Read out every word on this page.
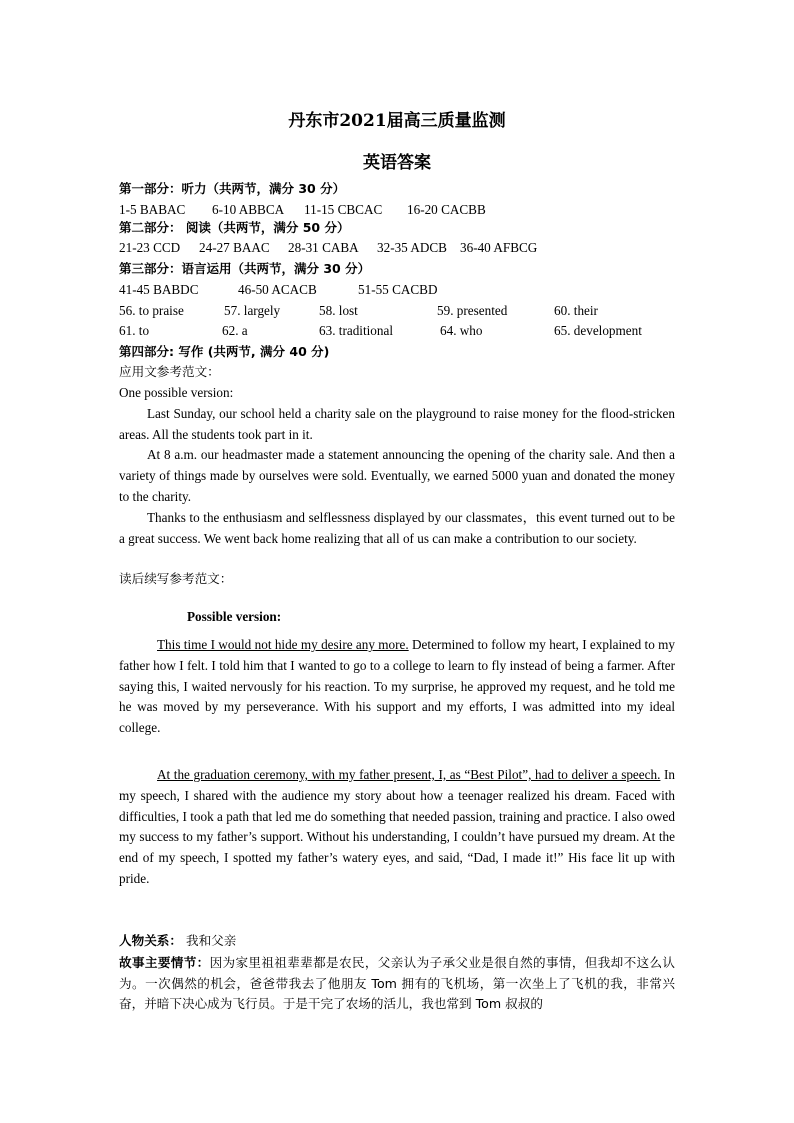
丹东市2021届高三质量监测
英语答案
第一部分：听力（共两节，满分 30 分）
1-5 BABAC 6-10 ABBCA 11-15 CBCAC 16-20 CACBB
第二部分： 阅读（共两节，满分 50 分）
21-23 CCD 24-27 BAAC 28-31 CABA 32-35 ADCB 36-40 AFBCG
第三部分：语言运用（共两节，满分 30 分）
41-45 BABDC	46-50 ACACB	51-55 CACBD
56. to praise	57. largely	58. lost	59. presented	60. their
61. to	62. a	63. traditional	64. who	65. development
第四部分: 写作 (共两节, 满分 40 分)
应用文参考范文：
One possible version:
Last Sunday, our school held a charity sale on the playground to raise money for the flood-stricken areas. All the students took part in it.
At 8 a.m. our headmaster made a statement announcing the opening of the charity sale. And then a variety of things made by ourselves were sold. Eventually, we earned 5000 yuan and donated the money to the charity.
Thanks to the enthusiasm and selflessness displayed by our classmates，this event turned out to be a great success. We went back home realizing that all of us can make a contribution to our society.
读后续写参考范文：
Possible version:
This time I would not hide my desire any more. Determined to follow my heart, I explained to my father how I felt. I told him that I wanted to go to a college to learn to fly instead of being a farmer. After saying this, I waited nervously for his reaction. To my surprise, he approved my request, and he told me he was moved by my perseverance. With his support and my efforts, I was admitted into my ideal college.
At the graduation ceremony, with my father present, I, as “Best Pilot”, had to deliver a speech. In my speech, I shared with the audience my story about how a teenager realized his dream. Faced with difficulties, I took a path that led me do something that needed passion, training and practice. I also owed my success to my father’s support. Without his understanding, I couldn’t have pursued my dream. At the end of my speech, I spotted my father’s watery eyes, and said, “Dad, I made it!” His face lit up with pride.
人物关系： 我和父亲
故事主要情节：因为家里祖祖辈辈都是农民，父亲认为子承父业是很自然的事情，但我却不这么认为。一次偶然的机会，爸爸带我去了他朋友 Tom 拥有的飞机场，第一次坐上了飞机的我，非常兴奋，并暗下决心成为飞行员。于是干完了农场的活儿，我也常到 Tom 叔叔的
